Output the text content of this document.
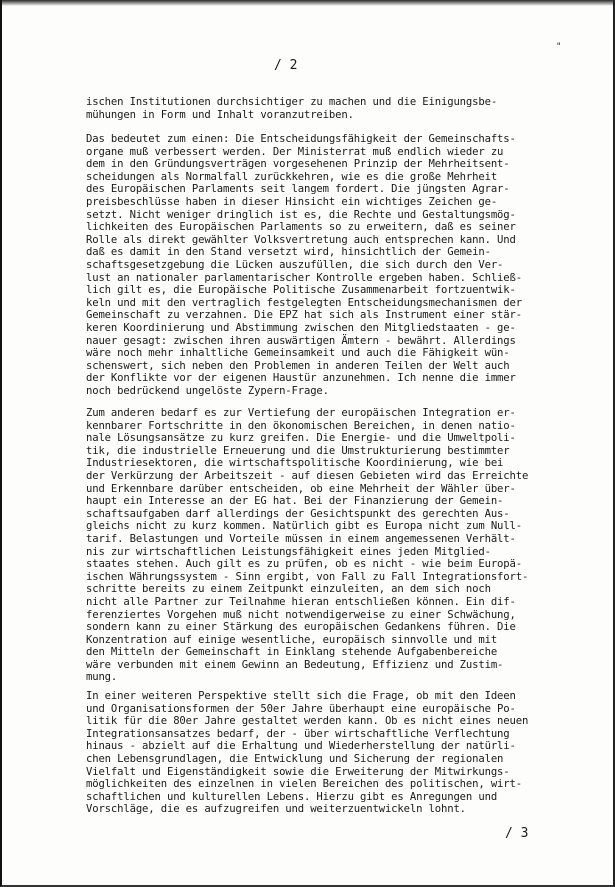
/ 2
"

ischen Institutionen durchsichtiger zu machen und die Einigungsbe-
mühungen in Form und Inhalt voranzutreiben.

Das bedeutet zum einen: Die Entscheidungsfähigkeit der Gemeinschafts-
organe muß verbessert werden. Der Ministerrat muß endlich wieder zu
dem in den Gründungsverträgen vorgesehenen Prinzip der Mehrheitsent-
scheidungen als Normalfall zurückkehren, wie es die große Mehrheit
des Europäischen Parlaments seit langem fordert. Die jüngsten Agrar-
preisbeschlüsse haben in dieser Hinsicht ein wichtiges Zeichen ge-
setzt. Nicht weniger dringlich ist es, die Rechte und Gestaltungsmög-
lichkeiten des Europäischen Parlaments so zu erweitern, daß es seiner
Rolle als direkt gewählter Volksvertretung auch entsprechen kann. Und
daß es damit in den Stand versetzt wird, hinsichtlich der Gemein-
schaftsgesetzgebung die Lücken auszufüllen, die sich durch den Ver-
lust an nationaler parlamentarischer Kontrolle ergeben haben. Schließ-
lich gilt es, die Europäische Politische Zusammenarbeit fortzuentwik-
keln und mit den vertraglich festgelegten Entscheidungsmechanismen der
Gemeinschaft zu verzahnen. Die EPZ hat sich als Instrument einer stär-
keren Koordinierung und Abstimmung zwischen den Mitgliedstaaten - ge-
nauer gesagt: zwischen ihren auswärtigen Ämtern - bewährt. Allerdings
wäre noch mehr inhaltliche Gemeinsamkeit und auch die Fähigkeit wün-
schenswert, sich neben den Problemen in anderen Teilen der Welt auch
der Konflikte vor der eigenen Haustür anzunehmen. Ich nenne die immer
noch bedrückend ungelöste Zypern-Frage.

Zum anderen bedarf es zur Vertiefung der europäischen Integration er-
kennbarer Fortschritte in den ökonomischen Bereichen, in denen natio-
nale Lösungsansätze zu kurz greifen. Die Energie- und die Umweltpoli-
tik, die industrielle Erneuerung und die Umstrukturierung bestimmter
Industriesektoren, die wirtschaftspolitische Koordinierung, wie bei
der Verkürzung der Arbeitszeit - auf diesen Gebieten wird das Erreichte
und Erkennbare darüber entscheiden, ob eine Mehrheit der Wähler über-
haupt ein Interesse an der EG hat. Bei der Finanzierung der Gemein-
schaftsaufgaben darf allerdings der Gesichtspunkt des gerechten Aus-
gleichs nicht zu kurz kommen. Natürlich gibt es Europa nicht zum Null-
tarif. Belastungen und Vorteile müssen in einem angemessenen Verhält-
nis zur wirtschaftlichen Leistungsfähigkeit eines jeden Mitglied-
staates stehen. Auch gilt es zu prüfen, ob es nicht - wie beim Europä-
ischen Währungssystem - Sinn ergibt, von Fall zu Fall Integrationsfort-
schritte bereits zu einem Zeitpunkt einzuleiten, an dem sich noch
nicht alle Partner zur Teilnahme hieran entschließen können. Ein dif-
ferenziertes Vorgehen muß nicht notwendigerweise zu einer Schwächung,
sondern kann zu einer Stärkung des europäischen Gedankens führen. Die
Konzentration auf einige wesentliche, europäisch sinnvolle und mit
den Mitteln der Gemeinschaft in Einklang stehende Aufgabenbereiche
wäre verbunden mit einem Gewinn an Bedeutung, Effizienz und Zustim-
mung.

In einer weiteren Perspektive stellt sich die Frage, ob mit den Ideen
und Organisationsformen der 50er Jahre überhaupt eine europäische Po-
litik für die 80er Jahre gestaltet werden kann. Ob es nicht eines neuen
Integrationsansatzes bedarf, der - über wirtschaftliche Verflechtung
hinaus - abzielt auf die Erhaltung und Wiederherstellung der natürli-
chen Lebensgrundlagen, die Entwicklung und Sicherung der regionalen
Vielfalt und Eigenständigkeit sowie die Erweiterung der Mitwirkungs-
möglichkeiten des einzelnen in vielen Bereichen des politischen, wirt-
schaftlichen und kulturellen Lebens. Hierzu gibt es Anregungen und
Vorschläge, die es aufzugreifen und weiterzuentwickeln lohnt.

/ 3
